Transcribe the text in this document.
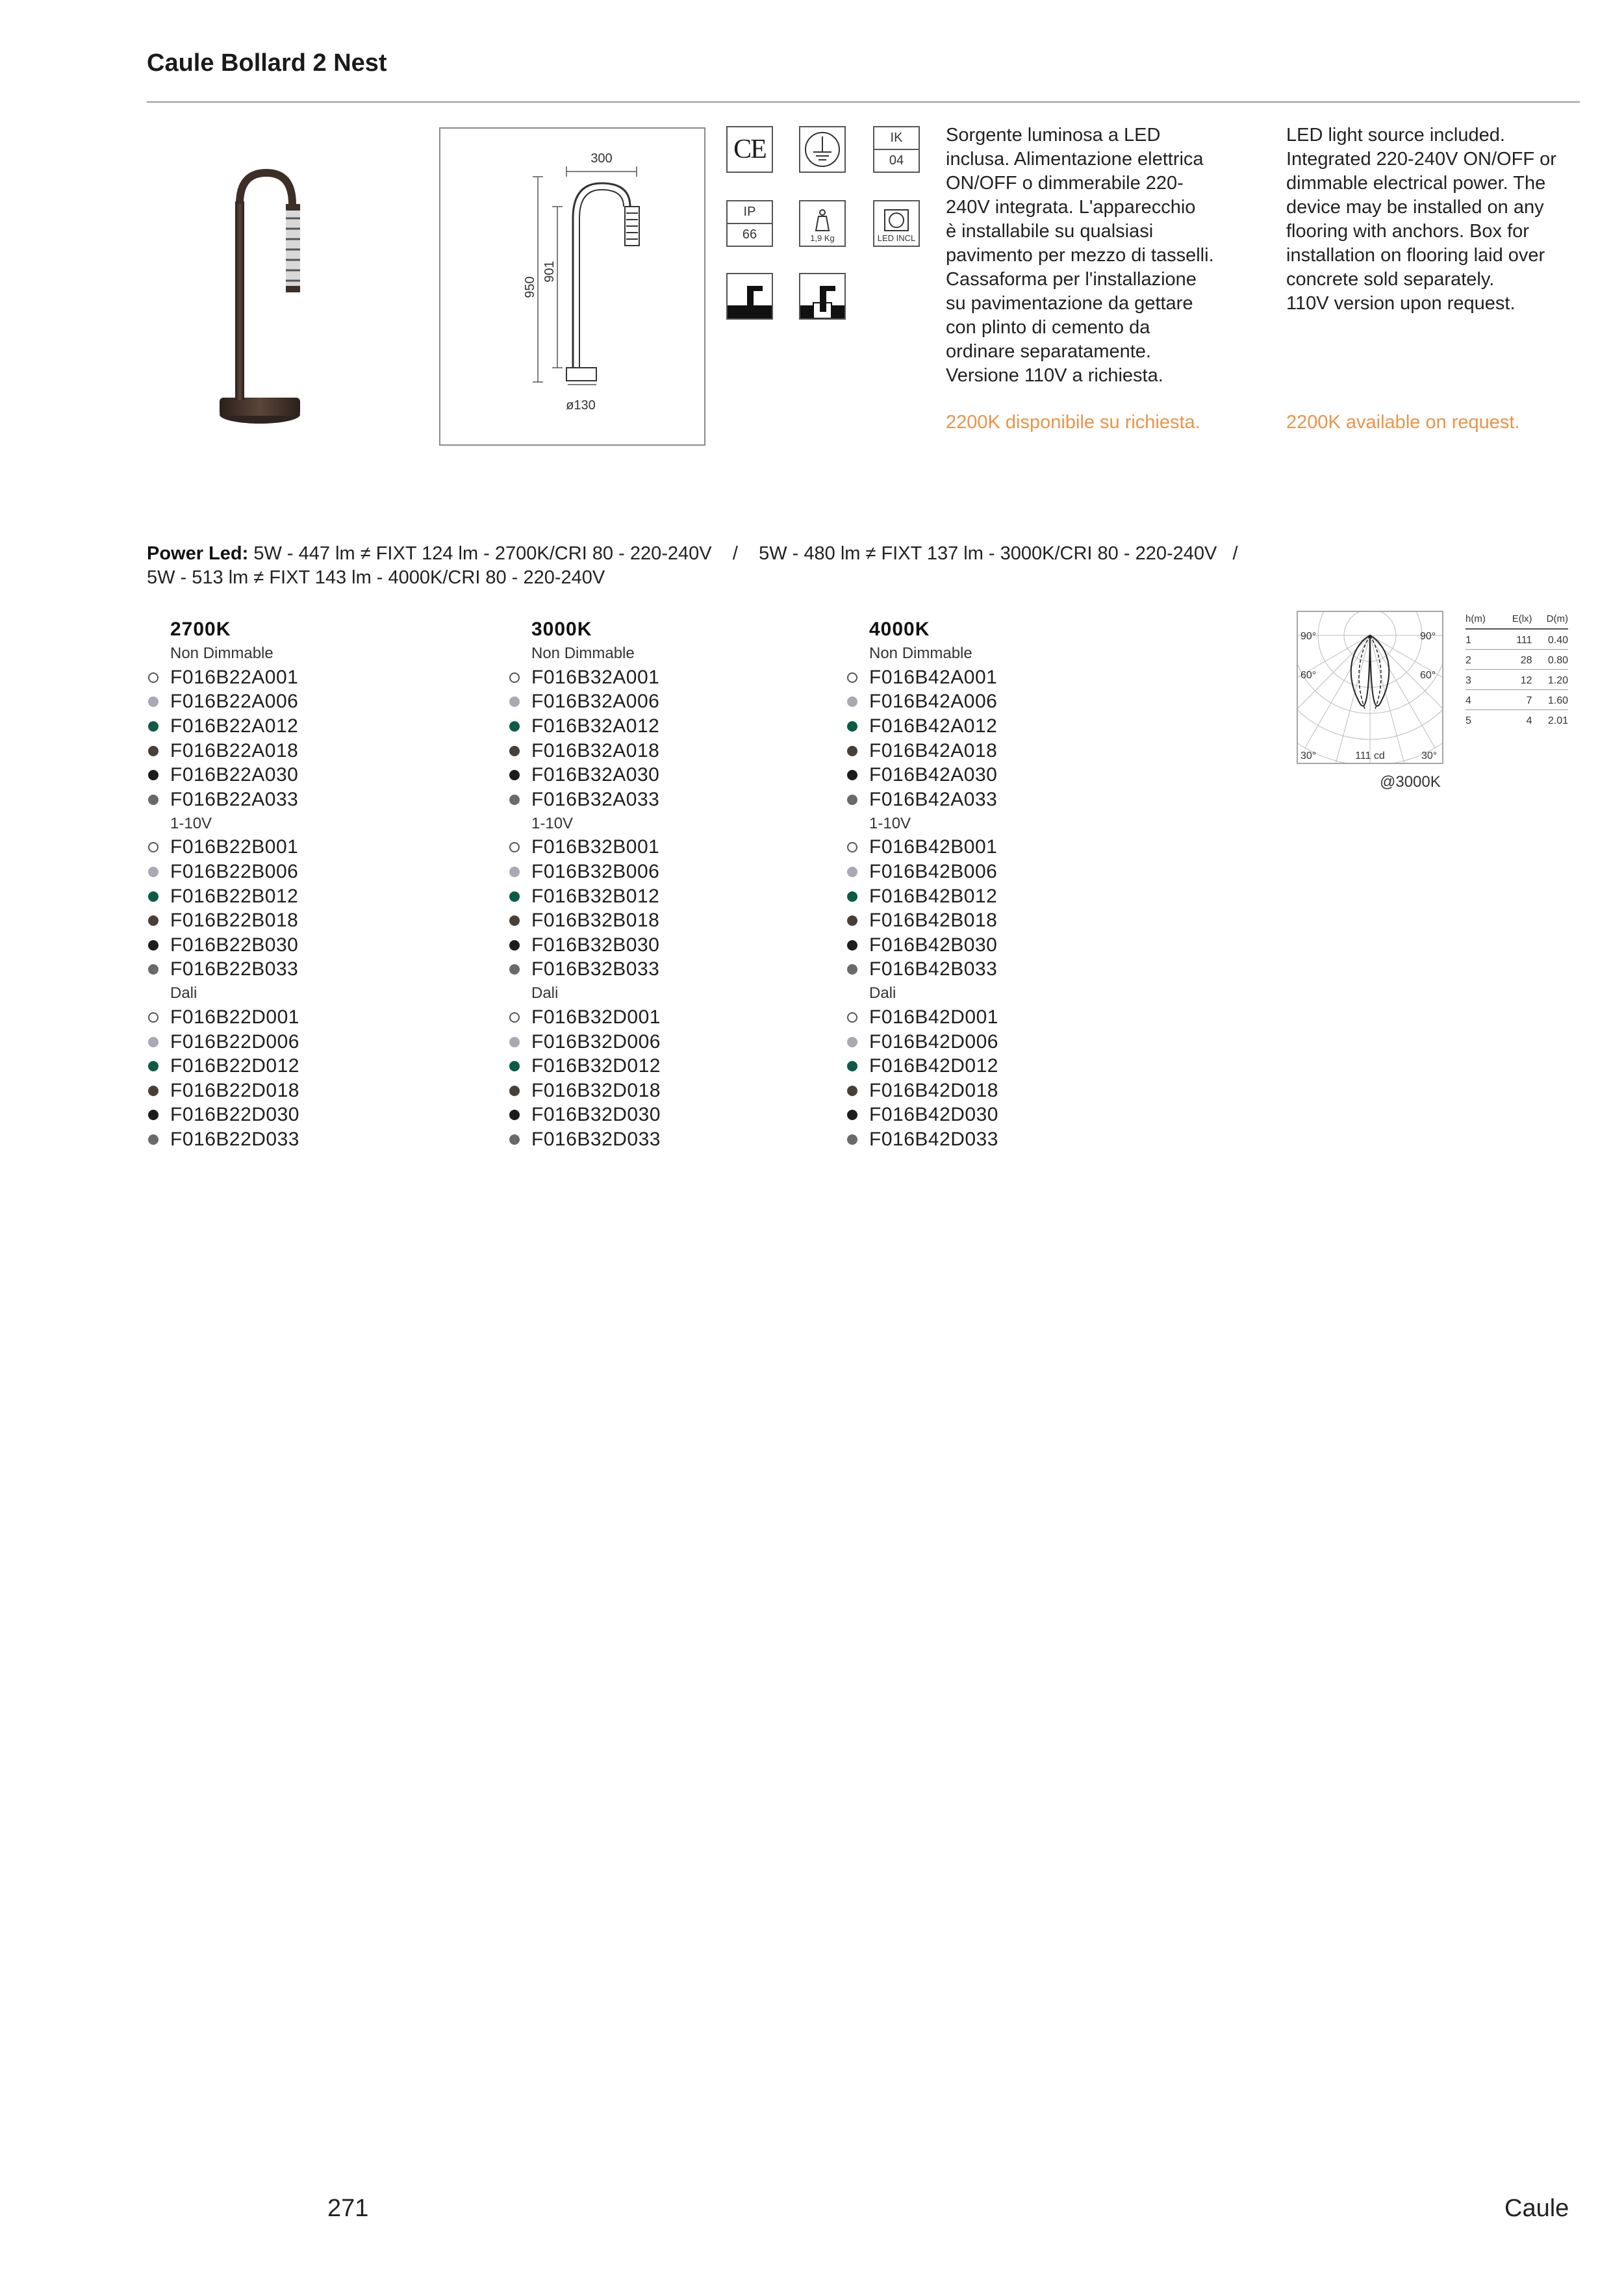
Caule Bollard 2 Nest
300
950
901
ø130
CE	IK
04
IP
66	1,9 Kg	LED INCL
Sorgente luminosa a LED
inclusa. Alimentazione elettrica
ON/OFF o dimmerabile 220-
240V integrata. L'apparecchio
è installabile su qualsiasi
pavimento per mezzo di tasselli.
Cassaforma per l'installazione
su pavimentazione da gettare
con plinto di cemento da
ordinare separatamente.
Versione 110V a richiesta.
LED light source included.
Integrated 220-240V ON/OFF or
dimmable electrical power. The
device may be installed on any
flooring with anchors. Box for
installation on flooring laid over
concrete sold separately.
110V version upon request.
2200K disponibile su richiesta.	2200K available on request.
Power Led: 5W - 447 lm ≠ FIXT 124 lm - 2700K/CRI 80 - 220-240V    /    5W - 480 lm ≠ FIXT 137 lm - 3000K/CRI 80 - 220-240V   /
5W - 513 lm ≠ FIXT 143 lm - 4000K/CRI 80 - 220-240V
2700K
Non Dimmable
F016B22A001
F016B22A006
F016B22A012
F016B22A018
F016B22A030
F016B22A033
1-10V
F016B22B001
F016B22B006
F016B22B012
F016B22B018
F016B22B030
F016B22B033
Dali
F016B22D001
F016B22D006
F016B22D012
F016B22D018
F016B22D030
F016B22D033
3000K
Non Dimmable
F016B32A001
F016B32A006
F016B32A012
F016B32A018
F016B32A030
F016B32A033
1-10V
F016B32B001
F016B32B006
F016B32B012
F016B32B018
F016B32B030
F016B32B033
Dali
F016B32D001
F016B32D006
F016B32D012
F016B32D018
F016B32D030
F016B32D033
4000K
Non Dimmable
F016B42A001
F016B42A006
F016B42A012
F016B42A018
F016B42A030
F016B42A033
1-10V
F016B42B001
F016B42B006
F016B42B012
F016B42B018
F016B42B030
F016B42B033
Dali
F016B42D001
F016B42D006
F016B42D012
F016B42D018
F016B42D030
F016B42D033
90°	90°
60°	60°
30°	30°
111 cd
@3000K
h(m)	E(lx)	D(m)
1	111	0.40
2	28	0.80
3	12	1.20
4	7	1.60
5	4	2.01
271	Caule
